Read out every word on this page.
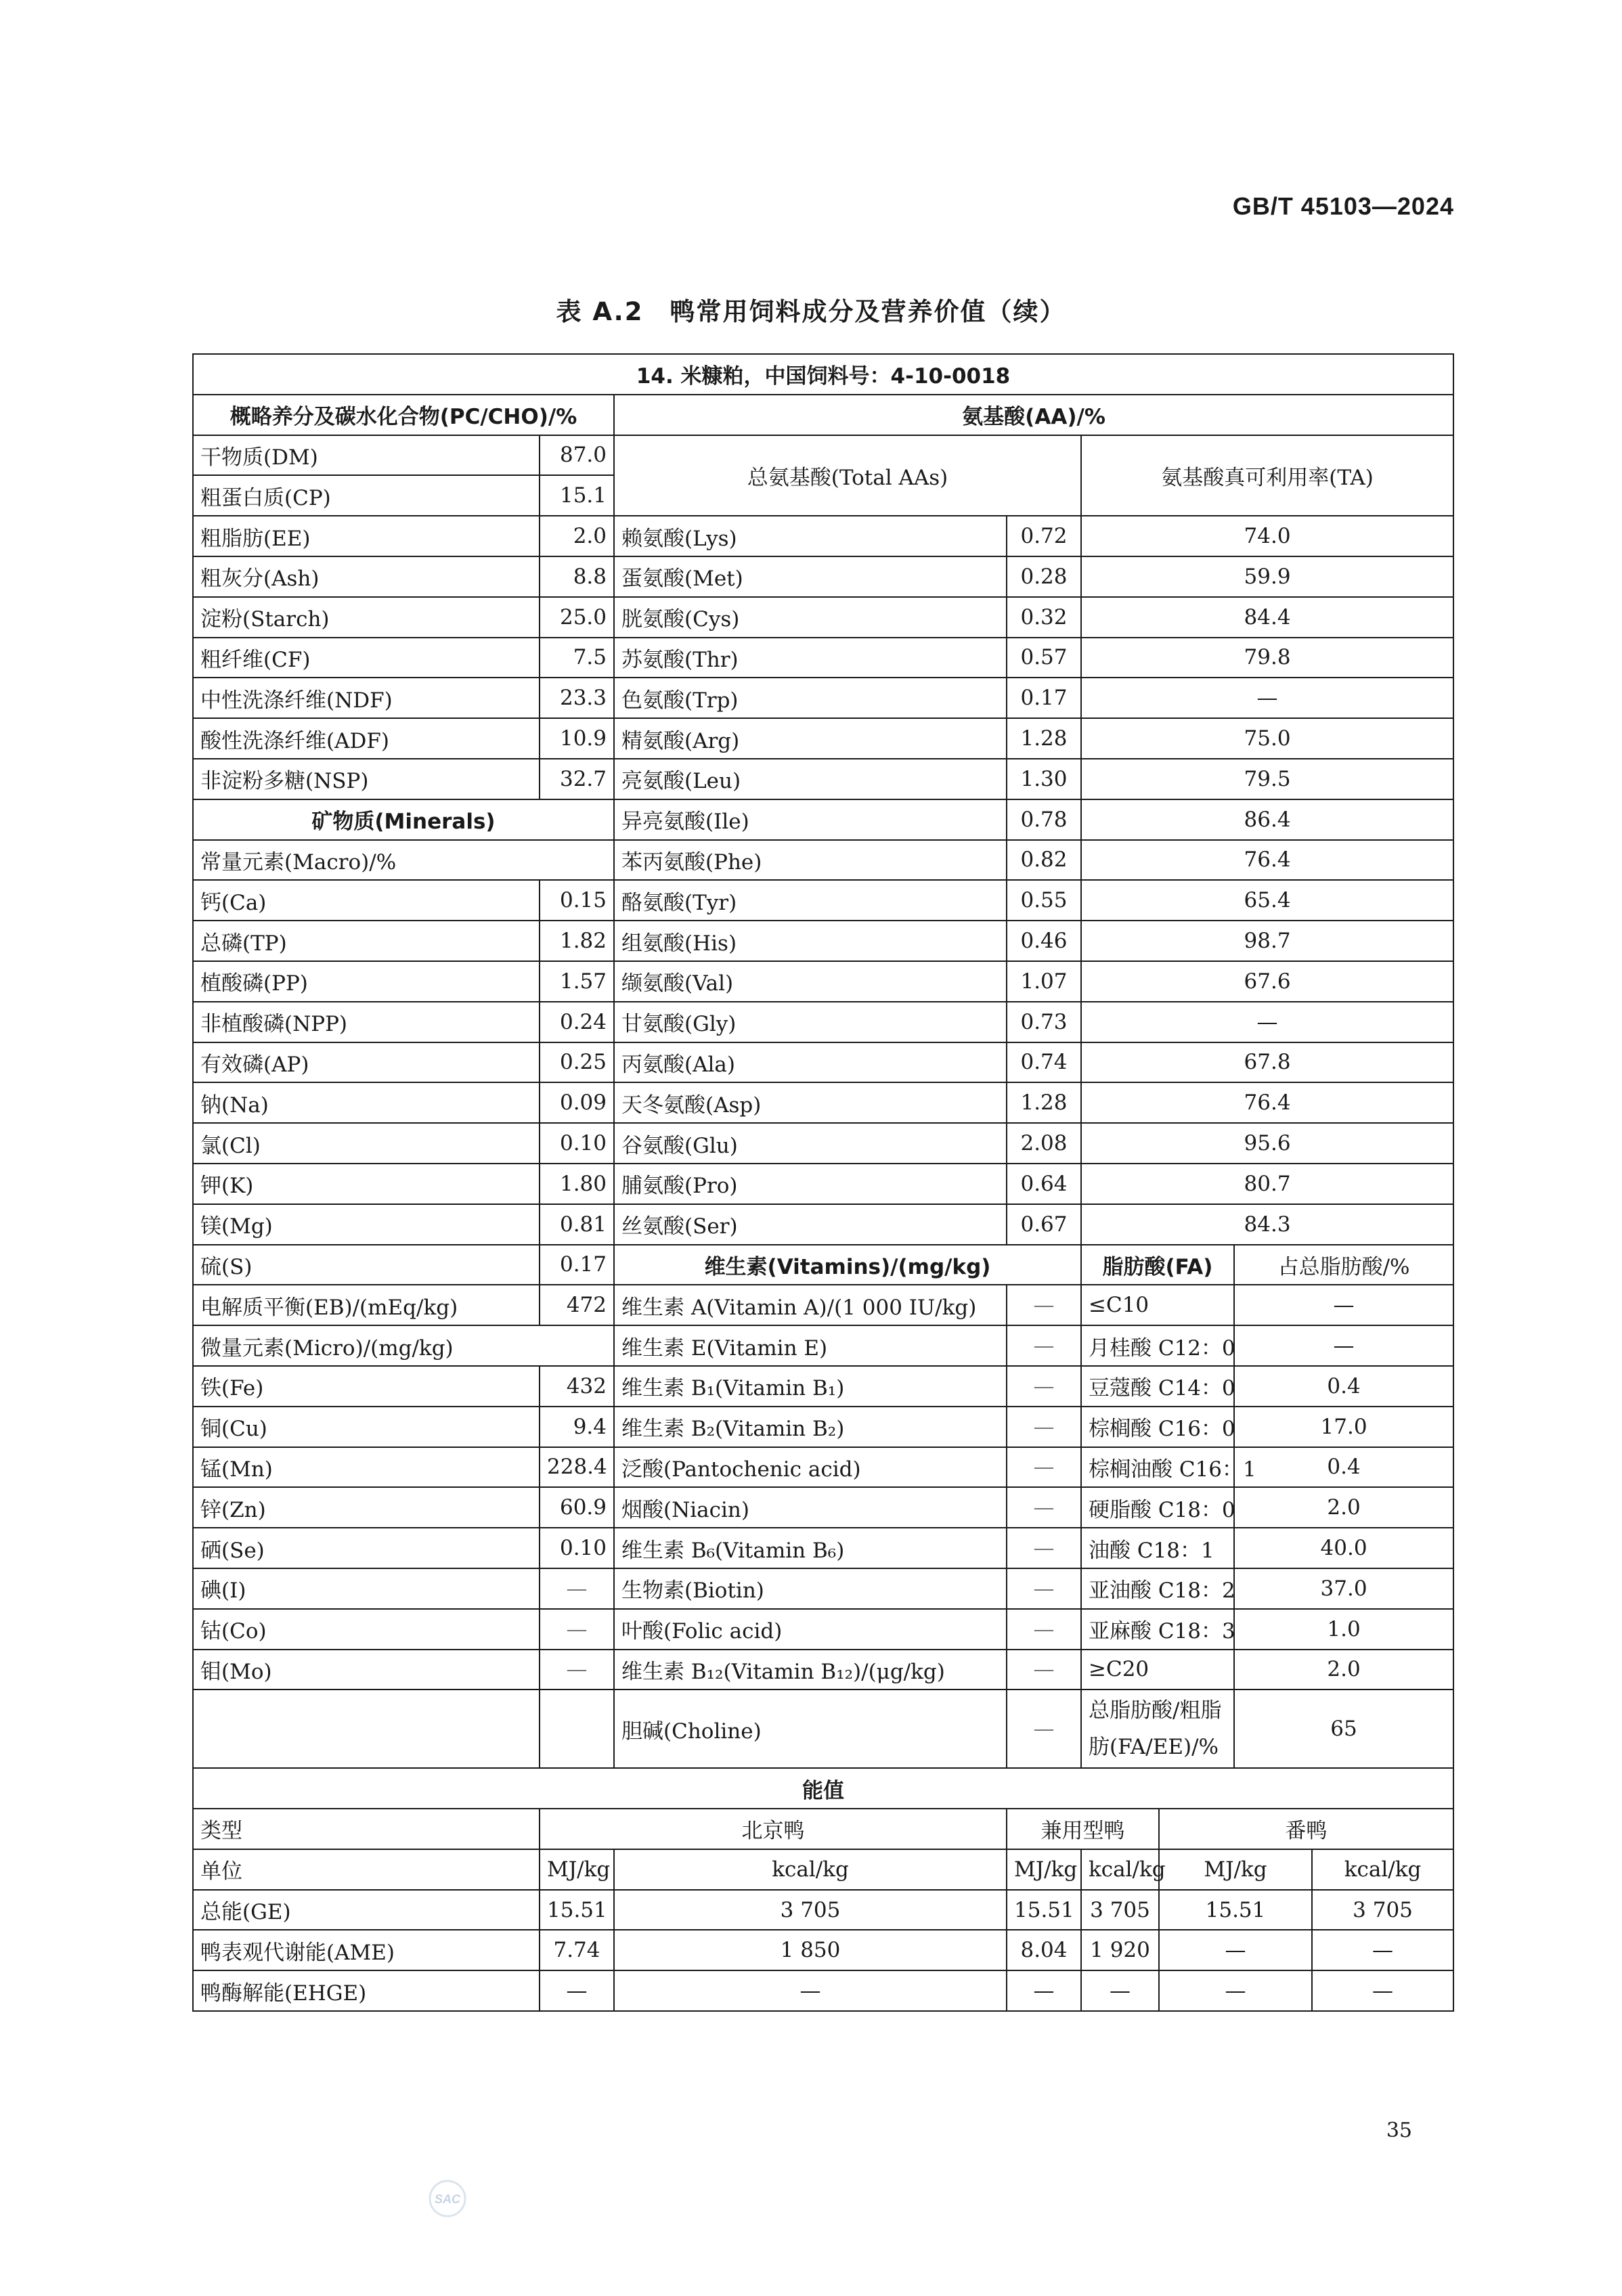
GB/T 45103—2024
表 A.2　鸭常用饲料成分及营养价值（续）
14. 米糠粕，中国饲料号：4-10-0018							
概略养分及碳水化合物(PC/CHO)/%		氨基酸(AA)/%					
干物质(DM)	87.0	总氨基酸(Total AAs)		氨基酸真可利用率(TA)			
粗蛋白质(CP)	15.1						
粗脂肪(EE)	2.0	赖氨酸(Lys)	0.72	74.0			
粗灰分(Ash)	8.8	蛋氨酸(Met)	0.28	59.9			
淀粉(Starch)	25.0	胱氨酸(Cys)	0.32	84.4			
粗纤维(CF)	7.5	苏氨酸(Thr)	0.57	79.8			
中性洗涤纤维(NDF)	23.3	色氨酸(Trp)	0.17	—			
酸性洗涤纤维(ADF)	10.9	精氨酸(Arg)	1.28	75.0			
非淀粉多糖(NSP)	32.7	亮氨酸(Leu)	1.30	79.5			
矿物质(Minerals)		异亮氨酸(Ile)	0.78	86.4			
常量元素(Macro)/%		苯丙氨酸(Phe)	0.82	76.4			
钙(Ca)	0.15	酪氨酸(Tyr)	0.55	65.4			
总磷(TP)	1.82	组氨酸(His)	0.46	98.7			
植酸磷(PP)	1.57	缬氨酸(Val)	1.07	67.6			
非植酸磷(NPP)	0.24	甘氨酸(Gly)	0.73	—			
有效磷(AP)	0.25	丙氨酸(Ala)	0.74	67.8			
钠(Na)	0.09	天冬氨酸(Asp)	1.28	76.4			
氯(Cl)	0.10	谷氨酸(Glu)	2.08	95.6			
钾(K)	1.80	脯氨酸(Pro)	0.64	80.7			
镁(Mg)	0.81	丝氨酸(Ser)	0.67	84.3			
硫(S)	0.17	维生素(Vitamins)/(mg/kg)		脂肪酸(FA)		占总脂肪酸/%	
电解质平衡(EB)/(mEq/kg)	472	维生素 A(Vitamin A)/(1 000 IU/kg)	—	≤C10		—	
微量元素(Micro)/(mg/kg)		维生素 E(Vitamin E)	—	月桂酸 C12：0		—	
铁(Fe)	432	维生素 B₁(Vitamin B₁)	—	豆蔻酸 C14：0		0.4	
铜(Cu)	9.4	维生素 B₂(Vitamin B₂)	—	棕榈酸 C16：0		17.0	
锰(Mn)	228.4	泛酸(Pantochenic acid)	—	棕榈油酸 C16：1		0.4	
锌(Zn)	60.9	烟酸(Niacin)	—	硬脂酸 C18：0		2.0	
硒(Se)	0.10	维生素 B₆(Vitamin B₆)	—	油酸 C18：1		40.0	
碘(I)	—	生物素(Biotin)	—	亚油酸 C18：2		37.0	
钴(Co)	—	叶酸(Folic acid)	—	亚麻酸 C18：3		1.0	
钼(Mo)	—	维生素 B₁₂(Vitamin B₁₂)/(μg/kg)	—	≥C20		2.0	
		胆碱(Choline)	—	总脂肪酸/粗脂肪(FA/EE)/%		65	
能值							
类型	北京鸭		兼用型鸭		番鸭		
单位	MJ/kg	kcal/kg	MJ/kg	kcal/kg	MJ/kg		kcal/kg
总能(GE)	15.51	3 705	15.51	3 705	15.51		3 705
鸭表观代谢能(AME)	7.74	1 850	8.04	1 920	—		—
鸭酶解能(EHGE)	—	—	—	—	—		—
35
SAC
